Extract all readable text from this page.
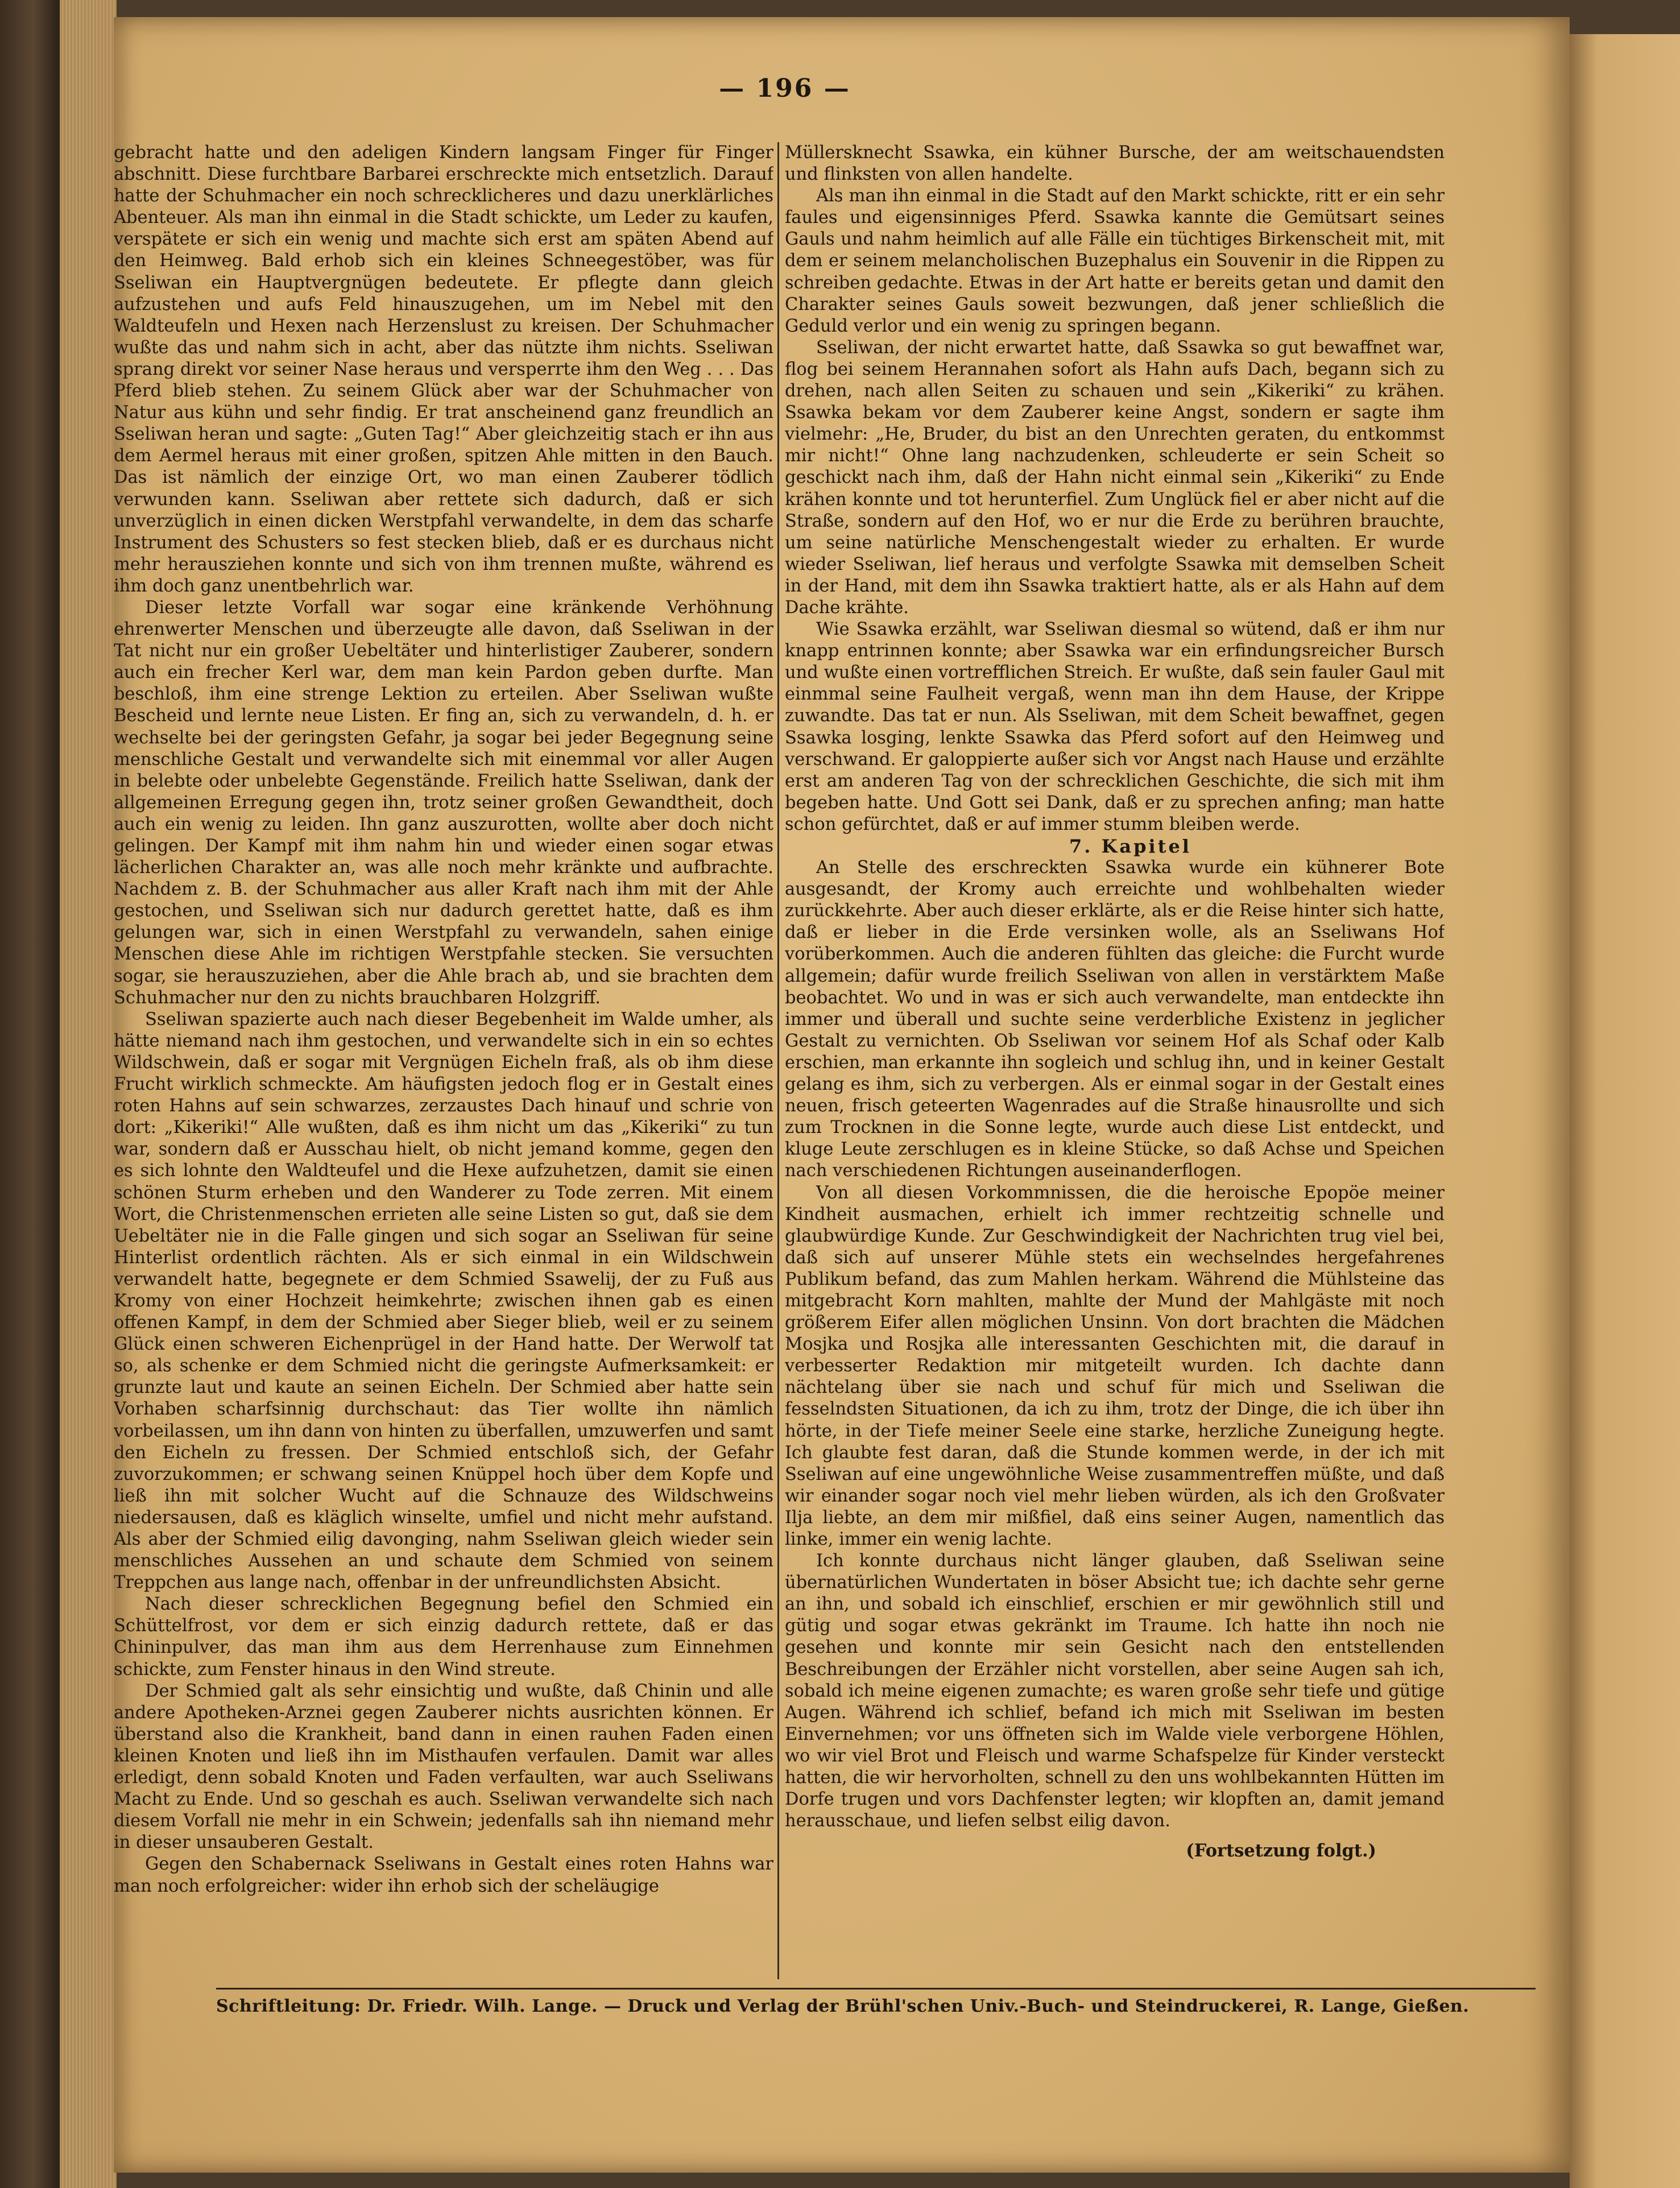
— 196 —

gebracht hatte und den adeligen Kindern langsam Finger für Finger abschnitt. Diese furchtbare Barbarei erschreckte mich entsetzlich. Darauf hatte der Schuhmacher ein noch schrecklicheres und dazu unerklärliches Abenteuer. Als man ihn einmal in die Stadt schickte, um Leder zu kaufen, verspätete er sich ein wenig und machte sich erst am späten Abend auf den Heimweg. Bald erhob sich ein kleines Schneegestöber, was für Sseliwan ein Hauptvergnügen bedeutete. Er pflegte dann gleich aufzustehen und aufs Feld hinauszugehen, um im Nebel mit den Waldteufeln und Hexen nach Herzenslust zu kreisen. Der Schuhmacher wußte das und nahm sich in acht, aber das nützte ihm nichts. Sseliwan sprang direkt vor seiner Nase heraus und versperrte ihm den Weg . . . Das Pferd blieb stehen. Zu seinem Glück aber war der Schuhmacher von Natur aus kühn und sehr findig. Er trat anscheinend ganz freundlich an Sseliwan heran und sagte: „Guten Tag!“ Aber gleichzeitig stach er ihn aus dem Aermel heraus mit einer großen, spitzen Ahle mitten in den Bauch. Das ist nämlich der einzige Ort, wo man einen Zauberer tödlich verwunden kann. Sseliwan aber rettete sich dadurch, daß er sich unverzüglich in einen dicken Werstpfahl verwandelte, in dem das scharfe Instrument des Schusters so fest stecken blieb, daß er es durchaus nicht mehr herausziehen konnte und sich von ihm trennen mußte, während es ihm doch ganz unentbehrlich war.

Dieser letzte Vorfall war sogar eine kränkende Verhöhnung ehrenwerter Menschen und überzeugte alle davon, daß Sseliwan in der Tat nicht nur ein großer Uebeltäter und hinterlistiger Zauberer, sondern auch ein frecher Kerl war, dem man kein Pardon geben durfte. Man beschloß, ihm eine strenge Lektion zu erteilen. Aber Sseliwan wußte Bescheid und lernte neue Listen. Er fing an, sich zu verwandeln, d. h. er wechselte bei der geringsten Gefahr, ja sogar bei jeder Begegnung seine menschliche Gestalt und verwandelte sich mit einemmal vor aller Augen in belebte oder unbelebte Gegenstände. Freilich hatte Sseliwan, dank der allgemeinen Erregung gegen ihn, trotz seiner großen Gewandtheit, doch auch ein wenig zu leiden. Ihn ganz auszurotten, wollte aber doch nicht gelingen. Der Kampf mit ihm nahm hin und wieder einen sogar etwas lächerlichen Charakter an, was alle noch mehr kränkte und aufbrachte. Nachdem z. B. der Schuhmacher aus aller Kraft nach ihm mit der Ahle gestochen, und Sseliwan sich nur dadurch gerettet hatte, daß es ihm gelungen war, sich in einen Werstpfahl zu verwandeln, sahen einige Menschen diese Ahle im richtigen Werstpfahle stecken. Sie versuchten sogar, sie herauszuziehen, aber die Ahle brach ab, und sie brachten dem Schuhmacher nur den zu nichts brauchbaren Holzgriff.

Sseliwan spazierte auch nach dieser Begebenheit im Walde umher, als hätte niemand nach ihm gestochen, und verwandelte sich in ein so echtes Wildschwein, daß er sogar mit Vergnügen Eicheln fraß, als ob ihm diese Frucht wirklich schmeckte. Am häufigsten jedoch flog er in Gestalt eines roten Hahns auf sein schwarzes, zerzaustes Dach hinauf und schrie von dort: „Kikeriki!“ Alle wußten, daß es ihm nicht um das „Kikeriki“ zu tun war, sondern daß er Ausschau hielt, ob nicht jemand komme, gegen den es sich lohnte den Waldteufel und die Hexe aufzuhetzen, damit sie einen schönen Sturm erheben und den Wanderer zu Tode zerren. Mit einem Wort, die Christenmenschen errieten alle seine Listen so gut, daß sie dem Uebeltäter nie in die Falle gingen und sich sogar an Sseliwan für seine Hinterlist ordentlich rächten. Als er sich einmal in ein Wildschwein verwandelt hatte, begegnete er dem Schmied Ssawelij, der zu Fuß aus Kromy von einer Hochzeit heimkehrte; zwischen ihnen gab es einen offenen Kampf, in dem der Schmied aber Sieger blieb, weil er zu seinem Glück einen schweren Eichenprügel in der Hand hatte. Der Werwolf tat so, als schenke er dem Schmied nicht die geringste Aufmerksamkeit: er grunzte laut und kaute an seinen Eicheln. Der Schmied aber hatte sein Vorhaben scharfsinnig durchschaut: das Tier wollte ihn nämlich vorbeilassen, um ihn dann von hinten zu überfallen, umzuwerfen und samt den Eicheln zu fressen. Der Schmied entschloß sich, der Gefahr zuvorzukommen; er schwang seinen Knüppel hoch über dem Kopfe und ließ ihn mit solcher Wucht auf die Schnauze des Wildschweins niedersausen, daß es kläglich winselte, umfiel und nicht mehr aufstand. Als aber der Schmied eilig davonging, nahm Sseliwan gleich wieder sein menschliches Aussehen an und schaute dem Schmied von seinem Treppchen aus lange nach, offenbar in der unfreundlichsten Absicht.

Nach dieser schrecklichen Begegnung befiel den Schmied ein Schüttelfrost, vor dem er sich einzig dadurch rettete, daß er das Chininpulver, das man ihm aus dem Herrenhause zum Einnehmen schickte, zum Fenster hinaus in den Wind streute.

Der Schmied galt als sehr einsichtig und wußte, daß Chinin und alle andere Apotheken-Arznei gegen Zauberer nichts ausrichten können. Er überstand also die Krankheit, band dann in einen rauhen Faden einen kleinen Knoten und ließ ihn im Misthaufen verfaulen. Damit war alles erledigt, denn sobald Knoten und Faden verfaulten, war auch Sseliwans Macht zu Ende. Und so geschah es auch. Sseliwan verwandelte sich nach diesem Vorfall nie mehr in ein Schwein; jedenfalls sah ihn niemand mehr in dieser unsauberen Gestalt.

Gegen den Schabernack Sseliwans in Gestalt eines roten Hahns war man noch erfolgreicher: wider ihn erhob sich der scheläugige

Müllersknecht Ssawka, ein kühner Bursche, der am weitschauendsten und flinksten von allen handelte.

Als man ihn einmal in die Stadt auf den Markt schickte, ritt er ein sehr faules und eigensinniges Pferd. Ssawka kannte die Gemütsart seines Gauls und nahm heimlich auf alle Fälle ein tüchtiges Birkenscheit mit, mit dem er seinem melancholischen Buzephalus ein Souvenir in die Rippen zu schreiben gedachte. Etwas in der Art hatte er bereits getan und damit den Charakter seines Gauls soweit bezwungen, daß jener schließlich die Geduld verlor und ein wenig zu springen begann.

Sseliwan, der nicht erwartet hatte, daß Ssawka so gut bewaffnet war, flog bei seinem Herannahen sofort als Hahn aufs Dach, begann sich zu drehen, nach allen Seiten zu schauen und sein „Kikeriki“ zu krähen. Ssawka bekam vor dem Zauberer keine Angst, sondern er sagte ihm vielmehr: „He, Bruder, du bist an den Unrechten geraten, du entkommst mir nicht!“ Ohne lang nachzudenken, schleuderte er sein Scheit so geschickt nach ihm, daß der Hahn nicht einmal sein „Kikeriki“ zu Ende krähen konnte und tot herunterfiel. Zum Unglück fiel er aber nicht auf die Straße, sondern auf den Hof, wo er nur die Erde zu berühren brauchte, um seine natürliche Menschengestalt wieder zu erhalten. Er wurde wieder Sseliwan, lief heraus und verfolgte Ssawka mit demselben Scheit in der Hand, mit dem ihn Ssawka traktiert hatte, als er als Hahn auf dem Dache krähte.

Wie Ssawka erzählt, war Sseliwan diesmal so wütend, daß er ihm nur knapp entrinnen konnte; aber Ssawka war ein erfindungsreicher Bursch und wußte einen vortrefflichen Streich. Er wußte, daß sein fauler Gaul mit einmmal seine Faulheit vergaß, wenn man ihn dem Hause, der Krippe zuwandte. Das tat er nun. Als Sseliwan, mit dem Scheit bewaffnet, gegen Ssawka losging, lenkte Ssawka das Pferd sofort auf den Heimweg und verschwand. Er galoppierte außer sich vor Angst nach Hause und erzählte erst am anderen Tag von der schrecklichen Geschichte, die sich mit ihm begeben hatte. Und Gott sei Dank, daß er zu sprechen anfing; man hatte schon gefürchtet, daß er auf immer stumm bleiben werde.

7. Kapitel

An Stelle des erschreckten Ssawka wurde ein kühnerer Bote ausgesandt, der Kromy auch erreichte und wohlbehalten wieder zurückkehrte. Aber auch dieser erklärte, als er die Reise hinter sich hatte, daß er lieber in die Erde versinken wolle, als an Sseliwans Hof vorüberkommen. Auch die anderen fühlten das gleiche: die Furcht wurde allgemein; dafür wurde freilich Sseliwan von allen in verstärktem Maße beobachtet. Wo und in was er sich auch verwandelte, man entdeckte ihn immer und überall und suchte seine verderbliche Existenz in jeglicher Gestalt zu vernichten. Ob Sseliwan vor seinem Hof als Schaf oder Kalb erschien, man erkannte ihn sogleich und schlug ihn, und in keiner Gestalt gelang es ihm, sich zu verbergen. Als er einmal sogar in der Gestalt eines neuen, frisch geteerten Wagenrades auf die Straße hinausrollte und sich zum Trocknen in die Sonne legte, wurde auch diese List entdeckt, und kluge Leute zerschlugen es in kleine Stücke, so daß Achse und Speichen nach verschiedenen Richtungen auseinanderflogen.

Von all diesen Vorkommnissen, die die heroische Epopöe meiner Kindheit ausmachen, erhielt ich immer rechtzeitig schnelle und glaubwürdige Kunde. Zur Geschwindigkeit der Nachrichten trug viel bei, daß sich auf unserer Mühle stets ein wechselndes hergefahrenes Publikum befand, das zum Mahlen herkam. Während die Mühlsteine das mitgebracht Korn mahlten, mahlte der Mund der Mahlgäste mit noch größerem Eifer allen möglichen Unsinn. Von dort brachten die Mädchen Mosjka und Rosjka alle interessanten Geschichten mit, die darauf in verbesserter Redaktion mir mitgeteilt wurden. Ich dachte dann nächtelang über sie nach und schuf für mich und Sseliwan die fesselndsten Situationen, da ich zu ihm, trotz der Dinge, die ich über ihn hörte, in der Tiefe meiner Seele eine starke, herzliche Zuneigung hegte. Ich glaubte fest daran, daß die Stunde kommen werde, in der ich mit Sseliwan auf eine ungewöhnliche Weise zusammentreffen müßte, und daß wir einander sogar noch viel mehr lieben würden, als ich den Großvater Ilja liebte, an dem mir mißfiel, daß eins seiner Augen, namentlich das linke, immer ein wenig lachte.

Ich konnte durchaus nicht länger glauben, daß Sseliwan seine übernatürlichen Wundertaten in böser Absicht tue; ich dachte sehr gerne an ihn, und sobald ich einschlief, erschien er mir gewöhnlich still und gütig und sogar etwas gekränkt im Traume. Ich hatte ihn noch nie gesehen und konnte mir sein Gesicht nach den entstellenden Beschreibungen der Erzähler nicht vorstellen, aber seine Augen sah ich, sobald ich meine eigenen zumachte; es waren große sehr tiefe und gütige Augen. Während ich schlief, befand ich mich mit Sseliwan im besten Einvernehmen; vor uns öffneten sich im Walde viele verborgene Höhlen, wo wir viel Brot und Fleisch und warme Schafspelze für Kinder versteckt hatten, die wir hervorholten, schnell zu den uns wohlbekannten Hütten im Dorfe trugen und vors Dachfenster legten; wir klopften an, damit jemand herausschaue, und liefen selbst eilig davon.

(Fortsetzung folgt.)

Schriftleitung: Dr. Friedr. Wilh. Lange. — Druck und Verlag der Brühl'schen Univ.-Buch- und Steindruckerei, R. Lange, Gießen.
